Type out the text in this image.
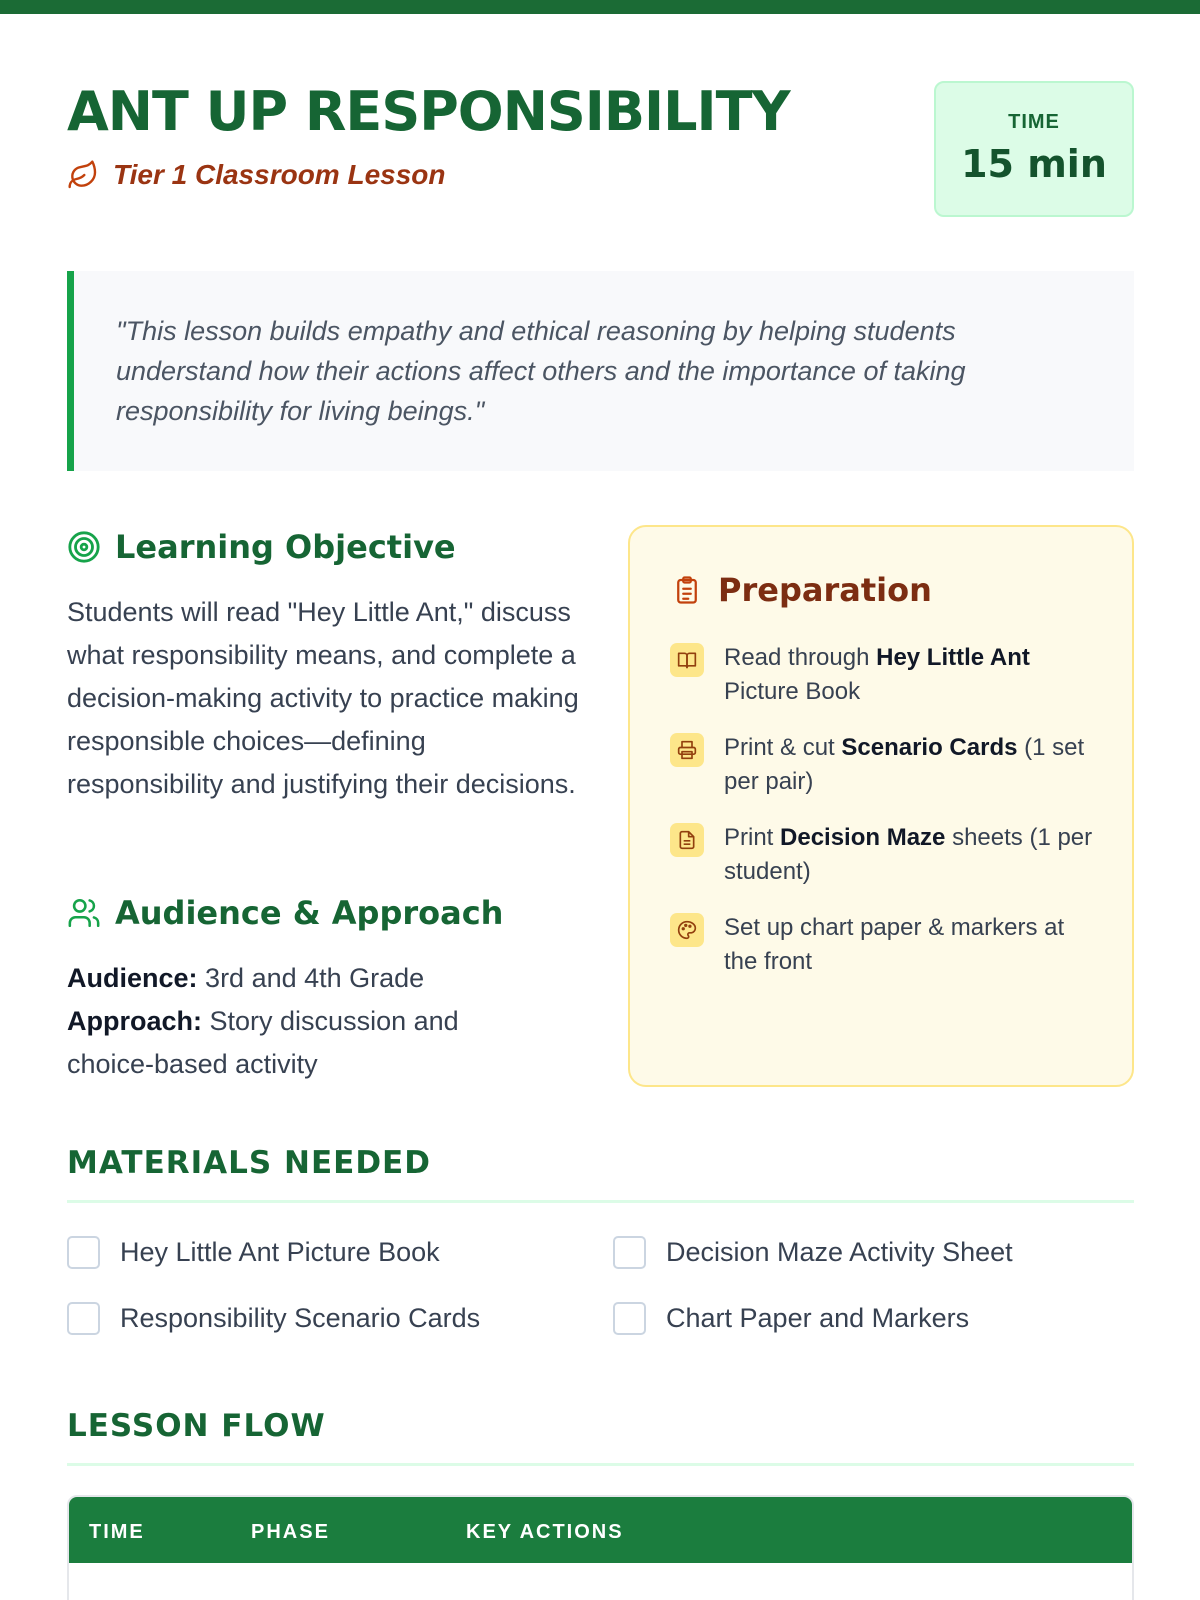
ANT UP RESPONSIBILITY
Tier 1 Classroom Lesson
TIME
15 min
"This lesson builds empathy and ethical reasoning by helping students understand how their actions affect others and the importance of taking responsibility for living beings."
Learning Objective

Students will read "Hey Little Ant," discuss what responsibility means, and complete a decision-making activity to practice making responsible choices—defining responsibility and justifying their decisions.

Audience & Approach
Audience: 3rd and 4th Grade
Approach: Story discussion and choice-based activity
Preparation
Read through Hey Little Ant Picture Book
Print & cut Scenario Cards (1 set per pair)
Print Decision Maze sheets (1 per student)
Set up chart paper & markers at the front
MATERIALS NEEDED
Hey Little Ant Picture Book	Decision Maze Activity Sheet
Responsibility Scenario Cards	Chart Paper and Markers
LESSON FLOW
TIME	PHASE	KEY ACTIONS
